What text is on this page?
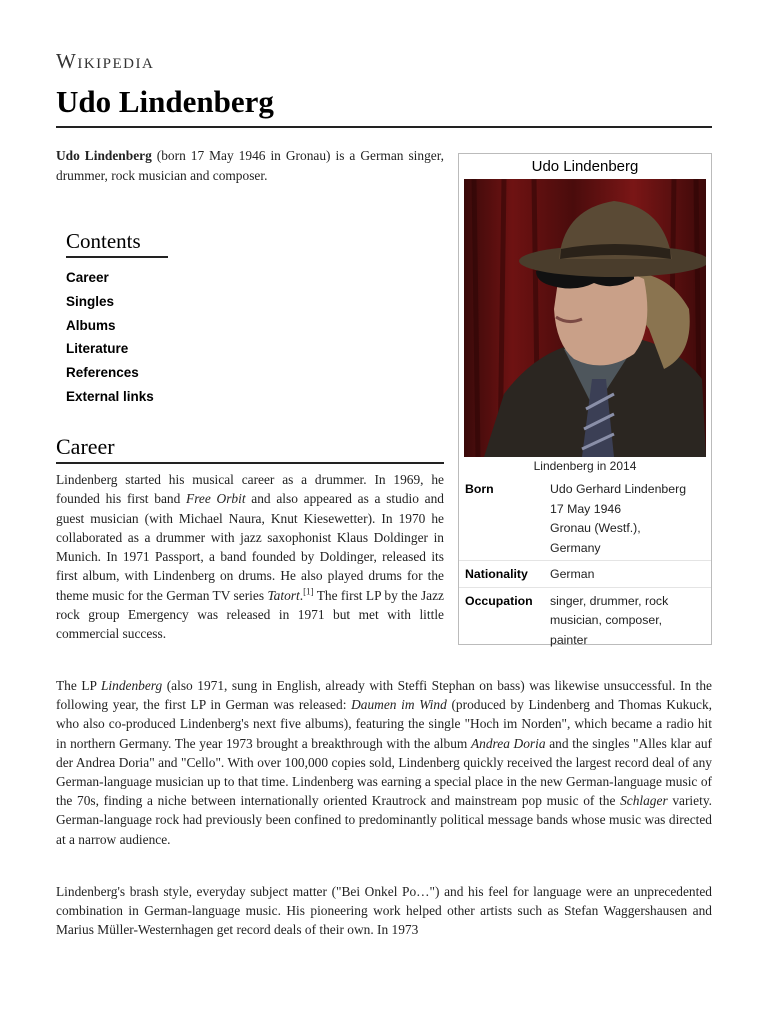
Wikipedia
Udo Lindenberg

Udo Lindenberg (born 17 May 1946 in Gronau) is a German singer, drummer, rock musician and composer.

Contents
Career
Singles
Albums
Literature
References
External links
Career

Lindenberg started his musical career as a drummer. In 1969, he founded his first band Free Orbit and also appeared as a studio and guest musician (with Michael Naura, Knut Kiesewetter). In 1970 he collaborated as a drummer with jazz saxophonist Klaus Doldinger in Munich. In 1971 Passport, a band founded by Doldinger, released its first album, with Lindenberg on drums. He also played drums for the theme music for the German TV series Tatort.[1] The first LP by the Jazz rock group Emergency was released in 1971 but met with little commercial success.

The LP Lindenberg (also 1971, sung in English, already with Steffi Stephan on bass) was likewise unsuccessful. In the following year, the first LP in German was released: Daumen im Wind (produced by Lindenberg and Thomas Kukuck, who also co-produced Lindenberg's next five albums), featuring the single "Hoch im Norden", which became a radio hit in northern Germany. The year 1973 brought a breakthrough with the album Andrea Doria and the singles "Alles klar auf der Andrea Doria" and "Cello". With over 100,000 copies sold, Lindenberg quickly received the largest record deal of any German-language musician up to that time. Lindenberg was earning a special place in the new German-language music of the 70s, finding a niche between internationally oriented Krautrock and mainstream pop music of the Schlager variety. German-language rock had previously been confined to predominantly political message bands whose music was directed at a narrow audience.

Lindenberg's brash style, everyday subject matter ("Bei Onkel Po…") and his feel for language were an unprecedented combination in German-language music. His pioneering work helped other artists such as Stefan Waggershausen and Marius Müller-Westernhagen get record deals of their own. In 1973

Udo Lindenberg
Lindenberg in 2014
Born	Udo Gerhard Lindenberg
17 May 1946
Gronau (Westf.),
Germany
Nationality	German
Occupation	singer, drummer, rock
musician, composer,
painter
